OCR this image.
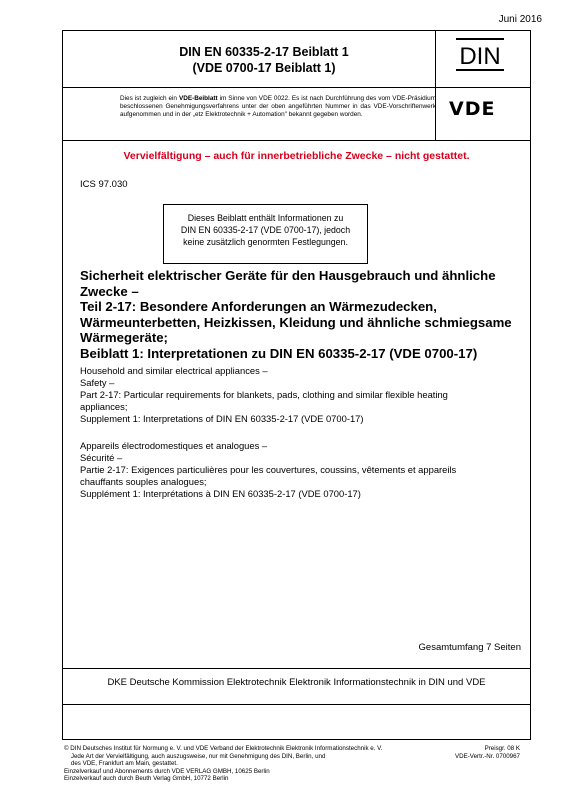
Juni 2016
DIN EN 60335-2-17 Beiblatt 1
(VDE 0700-17 Beiblatt 1)	DIN
Dies ist zugleich ein VDE-Beiblatt im Sinne von VDE 0022. Es ist nach Durchführung des vom VDE-Präsidium beschlossenen Genehmigungsverfahrens unter der oben angeführten Nummer in das VDE-Vorschriftenwerk aufgenommen und in der „etz Elektrotechnik + Automation" bekannt gegeben worden.	VDE
Vervielfältigung – auch für innerbetriebliche Zwecke – nicht gestattet.
ICS 97.030
Dieses Beiblatt enthält Informationen zu
DIN EN 60335-2-17 (VDE 0700-17), jedoch
keine zusätzlich genormten Festlegungen.
Sicherheit elektrischer Geräte für den Hausgebrauch und ähnliche
Zwecke –
Teil 2-17: Besondere Anforderungen an Wärmezudecken,
Wärmeunterbetten, Heizkissen, Kleidung und ähnliche schmiegsame
Wärmegeräte;
Beiblatt 1: Interpretationen zu DIN EN 60335-2-17 (VDE 0700-17)
Household and similar electrical appliances –
Safety –
Part 2-17: Particular requirements for blankets, pads, clothing and similar flexible heating
appliances;
Supplement 1: Interpretations of DIN EN 60335-2-17 (VDE 0700-17)
Appareils électrodomestiques et analogues –
Sécurité –
Partie 2-17: Exigences particulières pour les couvertures, coussins, vêtements et appareils
chauffants souples analogues;
Supplément 1: Interprétations à DIN EN 60335-2-17 (VDE 0700-17)
Gesamtumfang 7 Seiten
DKE Deutsche Kommission Elektrotechnik Elektronik Informationstechnik in DIN und VDE
© DIN Deutsches Institut für Normung e. V. und VDE Verband der Elektrotechnik Elektronik Informationstechnik e. V.
Jede Art der Vervielfältigung, auch auszugsweise, nur mit Genehmigung des DIN, Berlin, und
des VDE, Frankfurt am Main, gestattet.
Einzelverkauf und Abonnements durch VDE VERLAG GMBH, 10625 Berlin
Einzelverkauf auch durch Beuth Verlag GmbH, 10772 Berlin
Preisgr. 08 K
VDE-Vertr.-Nr. 0700967
